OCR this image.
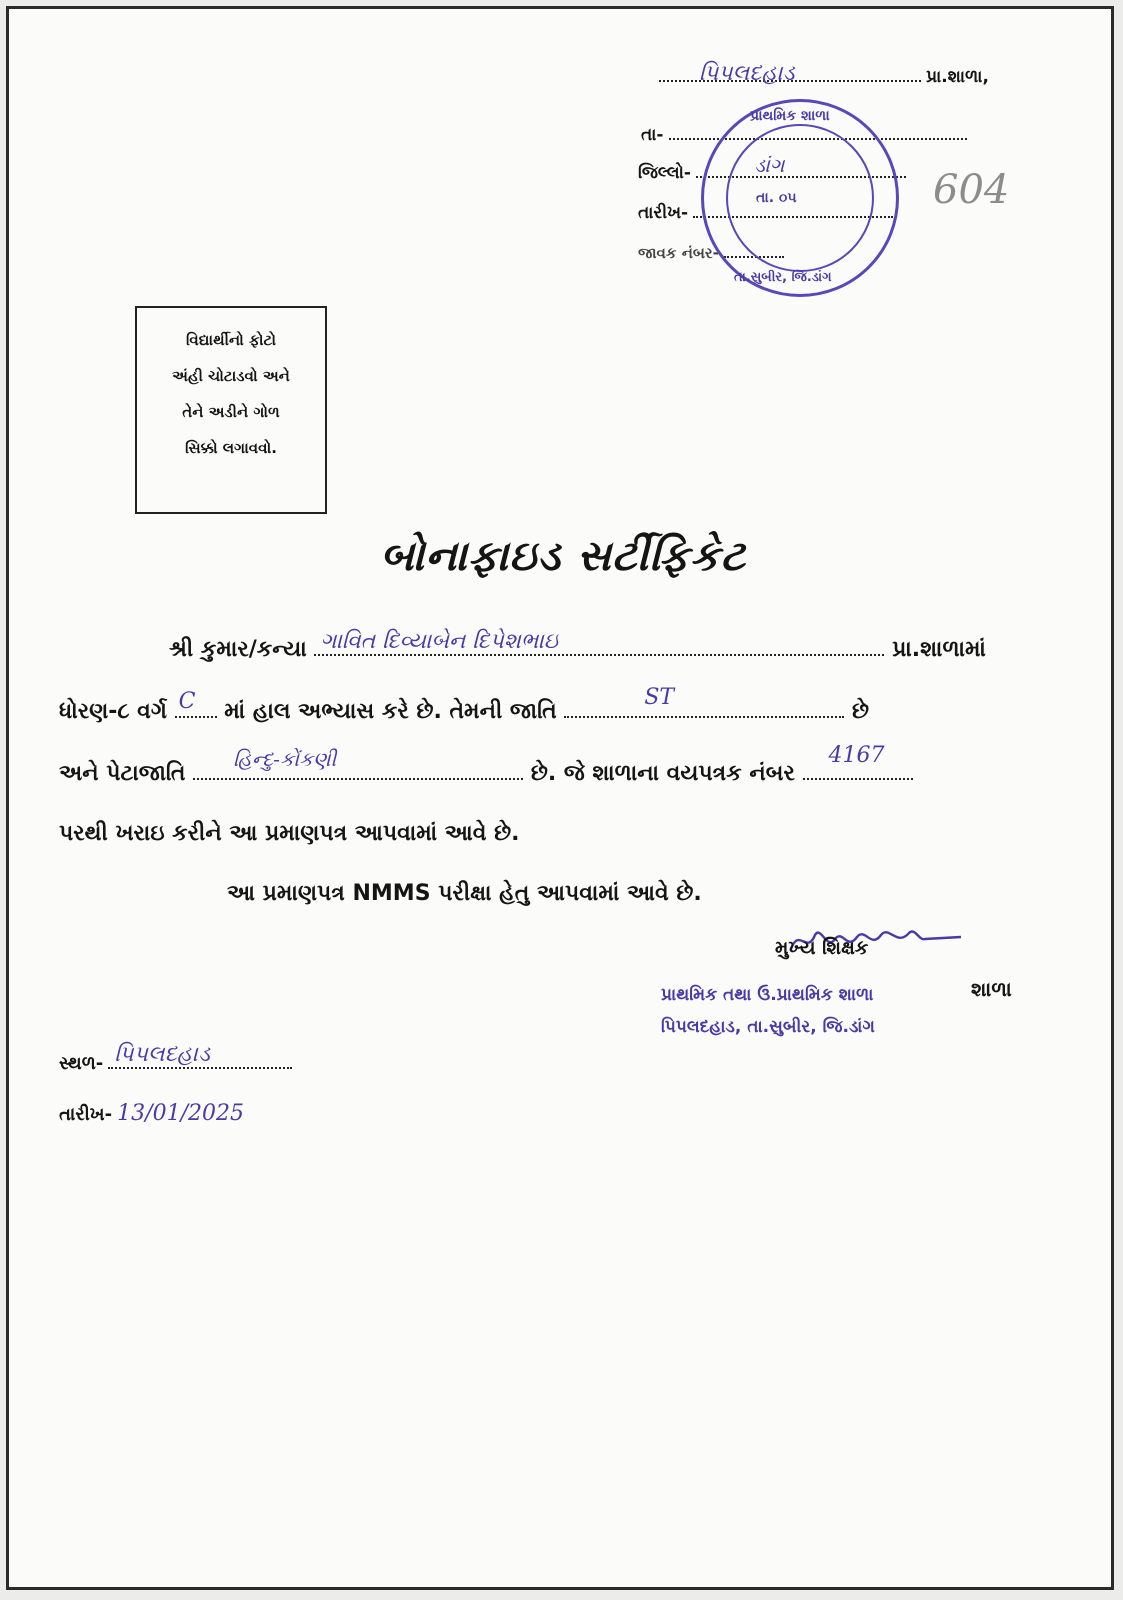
પિપલદહાડ	પ્રા.શાળા,
તા-
જિલ્લો-	ડાંગ
તારીખ-
જાવક નંબર-
604
પ્રાથમિક શાળા
તા. ૦૫
તા.સુબીર, જિ.ડાંગ
વિદ્યાર્થીનો ફોટો
અંહી ચોટાડવો અને
તેને અડીને ગોળ
સિક્કો લગાવવો.
બોનાફાઇડ સર્ટીફિકેટ
શ્રી કુમાર/કન્યા ગાવિત દિવ્યાબેન દિપેશભાઇ	પ્રા.શાળામાં
ધોરણ-૮ વર્ગ C માં હાલ અભ્યાસ કરે છે. તેમની જાતિ
ST
છે
અને પેટાજાતિ
હિન્દુ-કોંકણી
છે. જે શાળાના વયપત્રક નંબર
4167
પરથી ખરાઇ કરીને આ પ્રમાણપત્ર આપવામાં આવે છે.
આ પ્રમાણપત્ર NMMS પરીક્ષા હેતુ આપવામાં આવે છે.
મુખ્ય શિક્ષક
પ્રાથમિક તથા ઉ.પ્રાથમિક શાળા
પિપલદહાડ, તા.સુબીર, જિ.ડાંગ
શાળા
સ્થળ- પિપલદહાડ
તારીખ- 13/01/2025
